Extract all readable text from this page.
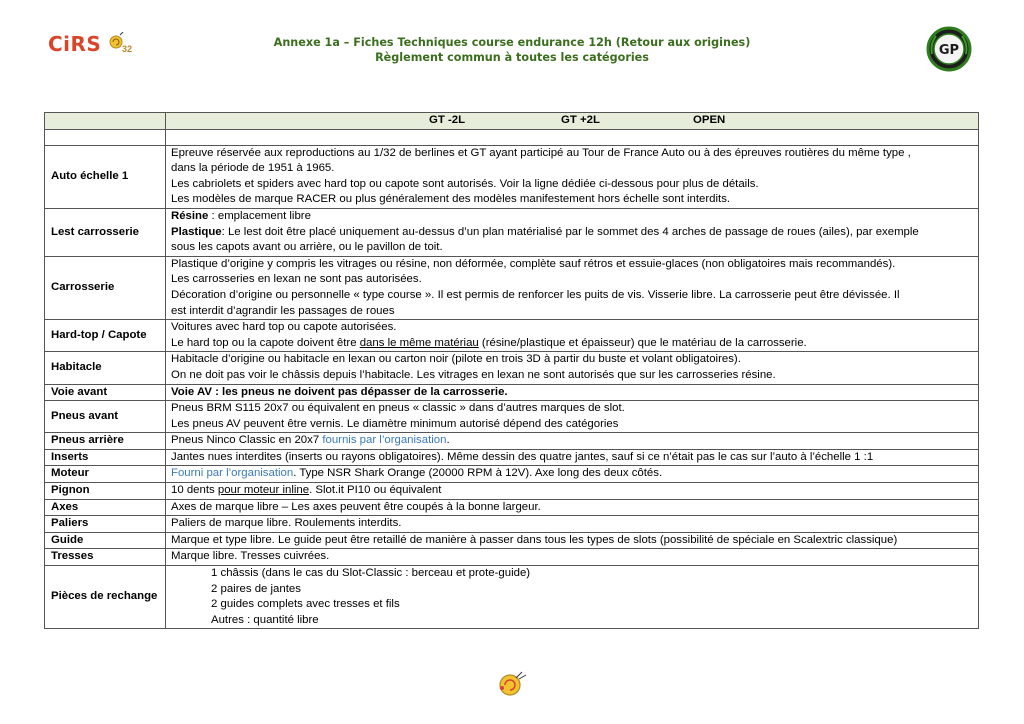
CiRS 32	Annexe 1a – Fiches Techniques course endurance 12h (Retour aux origines)
Règlement commun à toutes les catégories	GP

	GT -2L GT +2L OPEN

Auto échelle 1	Epreuve réservée aux reproductions au 1/32 de berlines et GT ayant participé au Tour de France Auto ou à des épreuves routières du même type ,
dans la période de 1951 à 1965.
Les cabriolets et spiders avec hard top ou capote sont autorisés. Voir la ligne dédiée ci-dessous pour plus de détails.
Les modèles de marque RACER ou plus généralement des modèles manifestement hors échelle sont interdits.

Lest carrosserie	Résine : emplacement libre
Plastique: Le lest doit être placé uniquement au-dessus d’un plan matérialisé par le sommet des 4 arches de passage de roues (ailes), par exemple
sous les capots avant ou arrière, ou le pavillon de toit.

Carrosserie	Plastique d’origine y compris les vitrages ou résine, non déformée, complète sauf rétros et essuie-glaces (non obligatoires mais recommandés).
Les carrosseries en lexan ne sont pas autorisées.
Décoration d’origine ou personnelle « type course ». Il est permis de renforcer les puits de vis. Visserie libre. La carrosserie peut être dévissée. Il
est interdit d’agrandir les passages de roues

Hard-top / Capote	Voitures avec hard top ou capote autorisées.
Le hard top ou la capote doivent être dans le même matériau (résine/plastique et épaisseur) que le matériau de la carrosserie.

Habitacle	Habitacle d’origine ou habitacle en lexan ou carton noir (pilote en trois 3D à partir du buste et volant obligatoires).
On ne doit pas voir le châssis depuis l’habitacle. Les vitrages en lexan ne sont autorisés que sur les carrosseries résine.

Voie avant	Voie AV : les pneus ne doivent pas dépasser de la carrosserie.
Pneus avant	Pneus BRM S115 20x7 ou équivalent en pneus « classic » dans d’autres marques de slot.
Les pneus AV peuvent être vernis. Le diamètre minimum autorisé dépend des catégories

Pneus arrière	Pneus Ninco Classic en 20x7 fournis par l’organisation.
Inserts	Jantes nues interdites (inserts ou rayons obligatoires). Même dessin des quatre jantes, sauf si ce n’était pas le cas sur l’auto à l’échelle 1 :1
Moteur	Fourni par l’organisation. Type NSR Shark Orange (20000 RPM à 12V). Axe long des deux côtés.
Pignon	10 dents pour moteur inline. Slot.it PI10 ou équivalent
Axes	Axes de marque libre – Les axes peuvent être coupés à la bonne largeur.
Paliers	Paliers de marque libre. Roulements interdits.
Guide	Marque et type libre. Le guide peut être retaillé de manière à passer dans tous les types de slots (possibilité de spéciale en Scalextric classique)
Tresses	Marque libre. Tresses cuivrées.
Pièces de rechange	1 châssis (dans le cas du Slot-Classic : berceau et prote-guide)
2 paires de jantes
2 guides complets avec tresses et fils
Autres : quantité libre
